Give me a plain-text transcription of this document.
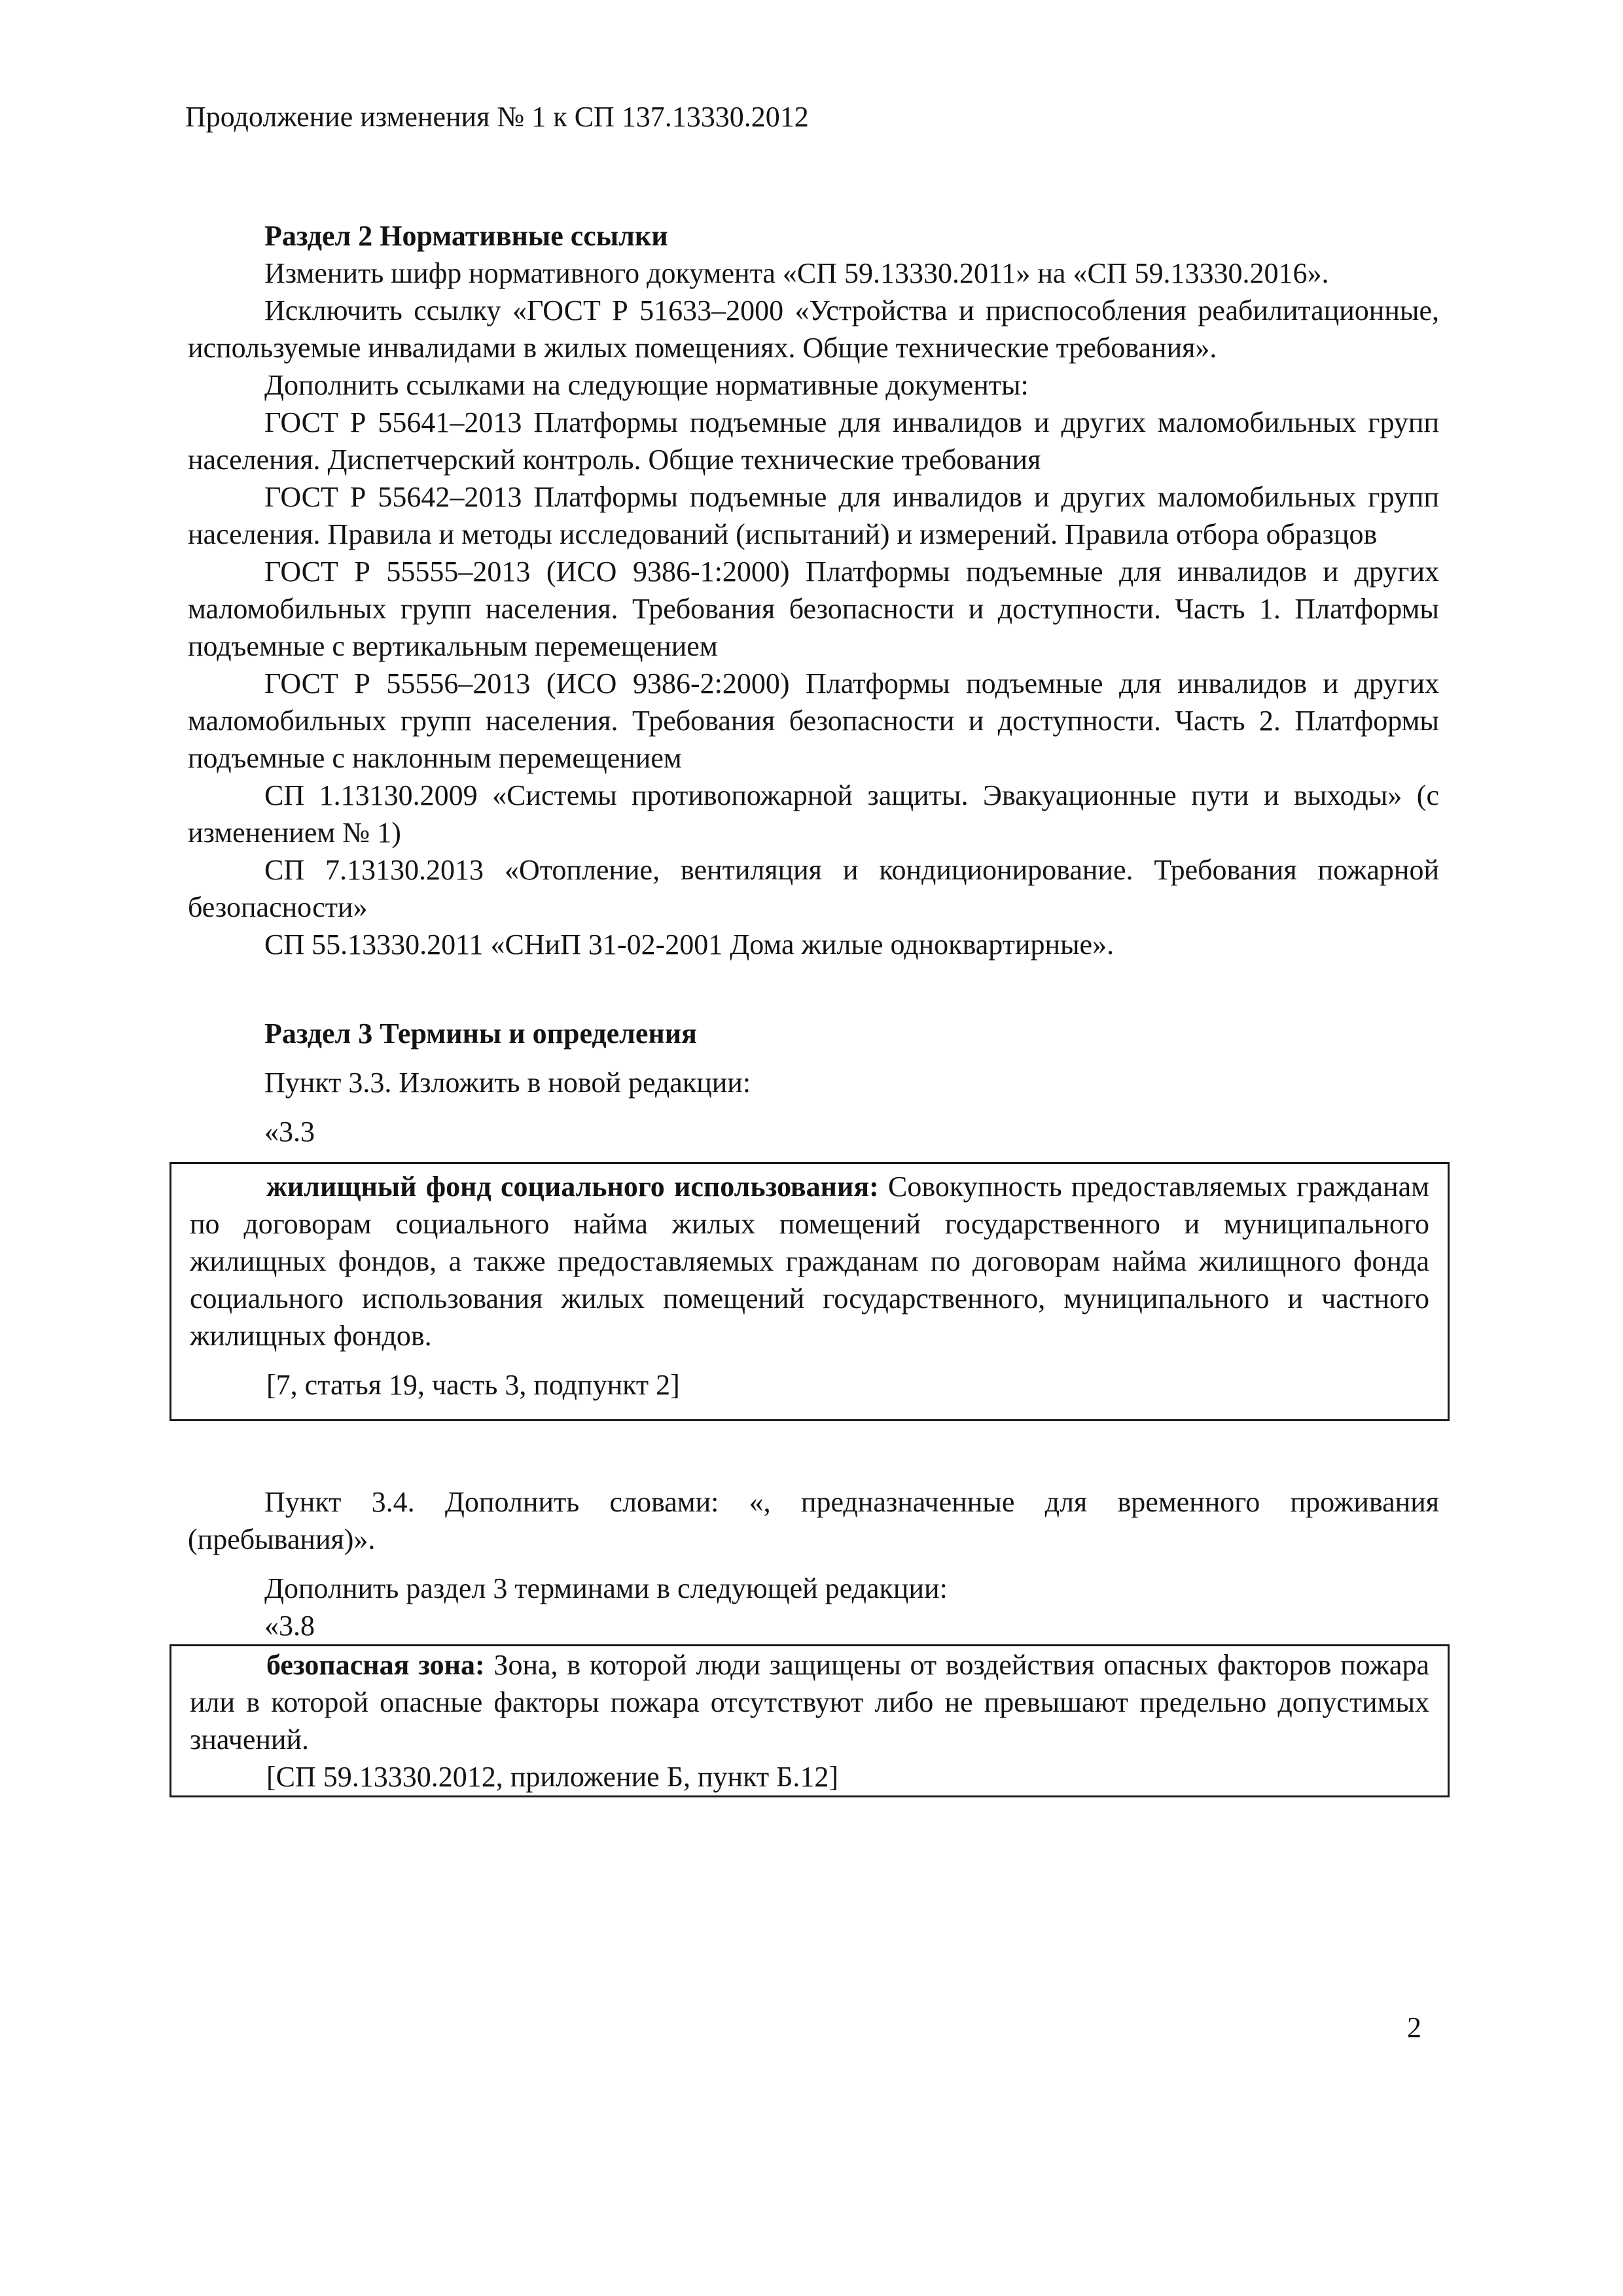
Продолжение изменения № 1 к СП 137.13330.2012

Раздел 2 Нормативные ссылки

Изменить шифр нормативного документа «СП 59.13330.2011» на «СП 59.13330.2016».

Исключить ссылку «ГОСТ Р 51633–2000 «Устройства и приспособления реабилитационные, используемые инвалидами в жилых помещениях. Общие технические требования».

Дополнить ссылками на следующие нормативные документы:

ГОСТ Р 55641–2013 Платформы подъемные для инвалидов и других маломобильных групп населения. Диспетчерский контроль. Общие технические требования

ГОСТ Р 55642–2013 Платформы подъемные для инвалидов и других маломобильных групп населения. Правила и методы исследований (испытаний) и измерений. Правила отбора образцов

ГОСТ Р 55555–2013 (ИСО 9386-1:2000) Платформы подъемные для инвалидов и других маломобильных групп населения. Требования безопасности и доступности. Часть 1. Платформы подъемные с вертикальным перемещением

ГОСТ Р 55556–2013 (ИСО 9386-2:2000) Платформы подъемные для инвалидов и других маломобильных групп населения. Требования безопасности и доступности. Часть 2. Платформы подъемные с наклонным перемещением

СП 1.13130.2009 «Системы противопожарной защиты. Эвакуационные пути и выходы» (с изменением № 1)

СП 7.13130.2013 «Отопление, вентиляция и кондиционирование. Требования пожарной безопасности»

СП 55.13330.2011 «СНиП 31-02-2001 Дома жилые одноквартирные».

Раздел 3 Термины и определения

Пункт 3.3. Изложить в новой редакции:

«3.3

жилищный фонд социального использования: Совокупность предоставляемых гражданам по договорам социального найма жилых помещений государственного и муниципального жилищных фондов, а также предоставляемых гражданам по договорам найма жилищного фонда социального использования жилых помещений государственного, муниципального и частного жилищных фондов.

[7, статья 19, часть 3, подпункт 2]

Пункт 3.4. Дополнить словами: «, предназначенные для временного проживания (пребывания)».

Дополнить раздел 3 терминами в следующей редакции:

«3.8

безопасная зона: Зона, в которой люди защищены от воздействия опасных факторов пожара или в которой опасные факторы пожара отсутствуют либо не превышают предельно допустимых значений.

[СП 59.13330.2012, приложение Б, пункт Б.12]

2
